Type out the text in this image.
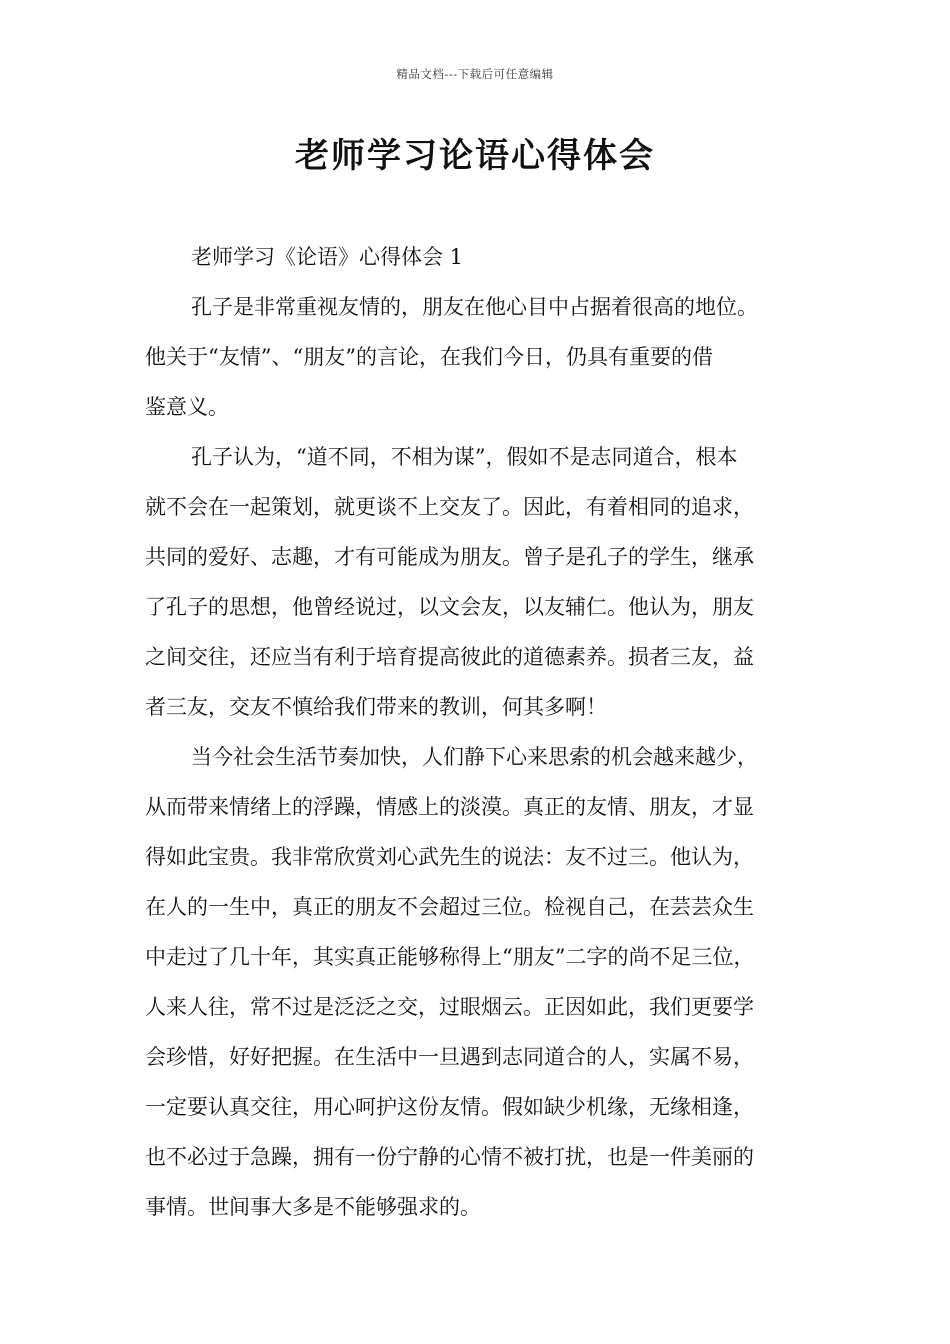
精品文档---下载后可任意编辑
老师学习论语心得体会

老师学习《论语》心得体会 1

孔子是非常重视友情的，朋友在他心目中占据着很高的地位。
他关于“友情”、“朋友”的言论，在我们今日，仍具有重要的借
鉴意义。
孔子认为，“道不同，不相为谋”，假如不是志同道合，根本
就不会在一起策划，就更谈不上交友了。因此，有着相同的追求，
共同的爱好、志趣，才有可能成为朋友。曾子是孔子的学生，继承
了孔子的思想，他曾经说过，以文会友，以友辅仁。他认为，朋友
之间交往，还应当有利于培育提高彼此的道德素养。损者三友，益
者三友，交友不慎给我们带来的教训，何其多啊！
当今社会生活节奏加快，人们静下心来思索的机会越来越少，
从而带来情绪上的浮躁，情感上的淡漠。真正的友情、朋友，才显
得如此宝贵。我非常欣赏刘心武先生的说法：友不过三。他认为，
在人的一生中，真正的朋友不会超过三位。检视自己，在芸芸众生
中走过了几十年，其实真正能够称得上“朋友”二字的尚不足三位，
人来人往，常不过是泛泛之交，过眼烟云。正因如此，我们更要学
会珍惜，好好把握。在生活中一旦遇到志同道合的人，实属不易，
一定要认真交往，用心呵护这份友情。假如缺少机缘，无缘相逢，
也不必过于急躁，拥有一份宁静的心情不被打扰，也是一件美丽的
事情。世间事大多是不能够强求的。
